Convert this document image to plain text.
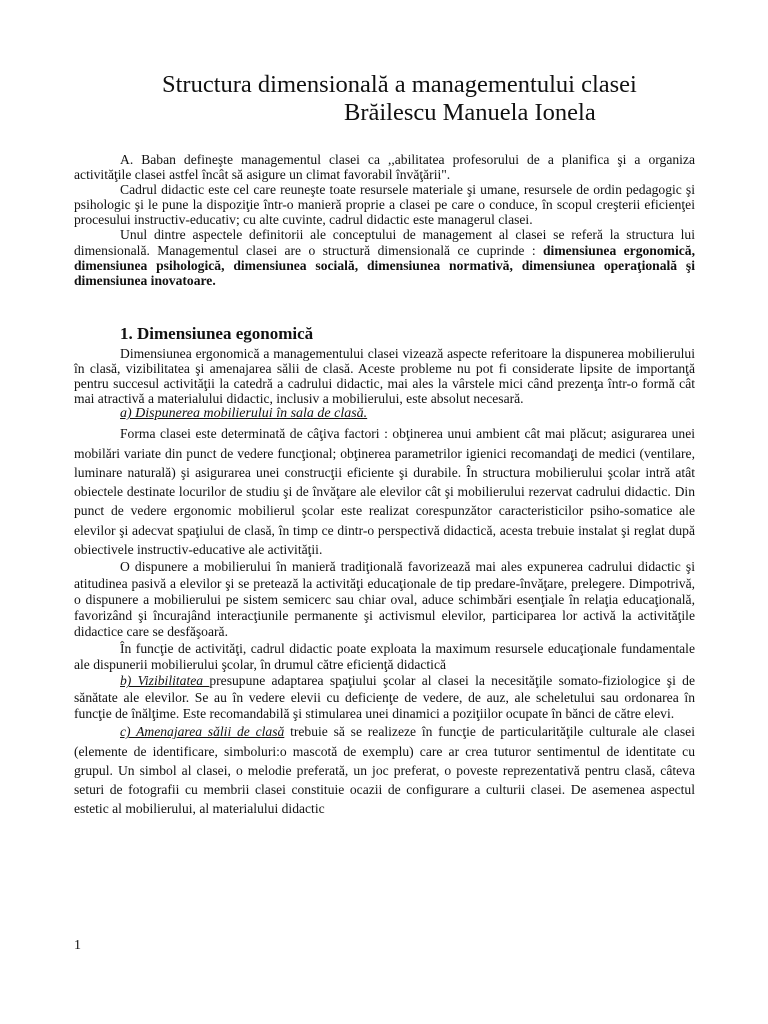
Structura dimensională a managementului clasei
Brăilescu Manuela Ionela

A. Baban defineşte managementul clasei ca ,,abilitatea profesorului de a planifica şi a organiza activităţile clasei astfel încât să asigure un climat favorabil învăţării".

Cadrul didactic este cel care reuneşte toate resursele materiale şi umane, resursele de ordin pedagogic şi psihologic şi le pune la dispoziţie într-o manieră proprie a clasei pe care o conduce, în scopul creşterii eficienţei procesului instructiv-educativ; cu alte cuvinte, cadrul didactic este managerul clasei.

Unul dintre aspectele definitorii ale conceptului de management al clasei se referă la structura lui dimensională. Managementul clasei are o structură dimensională ce cuprinde : dimensiunea ergonomică, dimensiunea psihologică, dimensiunea socială, dimensiunea normativă, dimensiunea operaţională şi dimensiunea inovatoare.

1. Dimensiunea egonomică

Dimensiunea ergonomică a managementului clasei vizează aspecte referitoare la dispunerea mobilierului în clasă, vizibilitatea şi amenajarea sălii de clasă. Aceste probleme nu pot fi considerate lipsite de importanţă pentru succesul activităţii la catedră a cadrului didactic, mai ales la vârstele mici când prezenţa într-o formă cât mai atractivă a materialului didactic, inclusiv a mobilierului, este absolut necesară.

a) Dispunerea mobilierului în sala de clasă.

Forma clasei este determinată de câţiva factori : obţinerea unui ambient cât mai plăcut; asigurarea unei mobilări variate din punct de vedere funcţional; obţinerea parametrilor igienici recomandaţi de medici (ventilare, luminare naturală) şi asigurarea unei construcţii eficiente şi durabile. În structura mobilierului şcolar intră atât obiectele destinate locurilor de studiu şi de învăţare ale elevilor cât şi mobilierului rezervat cadrului didactic. Din punct de vedere ergonomic mobilierul şcolar este realizat corespunzător caracteristicilor psiho-somatice ale elevilor şi adecvat spaţiului de clasă, în timp ce dintr-o perspectivă didactică, acesta trebuie instalat şi reglat după obiectivele instructiv-educative ale activităţii.

O dispunere a mobilierului în manieră tradiţională favorizează mai ales expunerea cadrului didactic şi atitudinea pasivă a elevilor şi se pretează la activităţi educaţionale de tip predare-învăţare, prelegere. Dimpotrivă, o dispunere a mobilierului pe sistem semicerc sau chiar oval, aduce schimbări esenţiale în relaţia educaţională, favorizând şi încurajând interacţiunile permanente şi activismul elevilor, participarea lor activă la activităţile didactice care se desfăşoară.

În funcţie de activităţi, cadrul didactic poate exploata la maximum resursele educaţionale fundamentale ale dispunerii mobilierului şcolar, în drumul către eficienţă didactică

b) Vizibilitatea presupune adaptarea spaţiului şcolar al clasei la necesităţile somato-fiziologice şi de sănătate ale elevilor. Se au în vedere elevii cu deficienţe de vedere, de auz, ale scheletului sau ordonarea în funcţie de înălţime. Este recomandabilă şi stimularea unei dinamici a poziţiilor ocupate în bănci de către elevi.

c) Amenajarea sălii de clasă trebuie să se realizeze în funcţie de particularităţile culturale ale clasei (elemente de identificare, simboluri:o mascotă de exemplu) care ar crea tuturor sentimentul de identitate cu grupul. Un simbol al clasei, o melodie preferată, un joc preferat, o poveste reprezentativă pentru clasă, câteva seturi de fotografii cu membrii clasei constituie ocazii de configurare a culturii clasei. De asemenea aspectul estetic al mobilierului, al materialului didactic

1
